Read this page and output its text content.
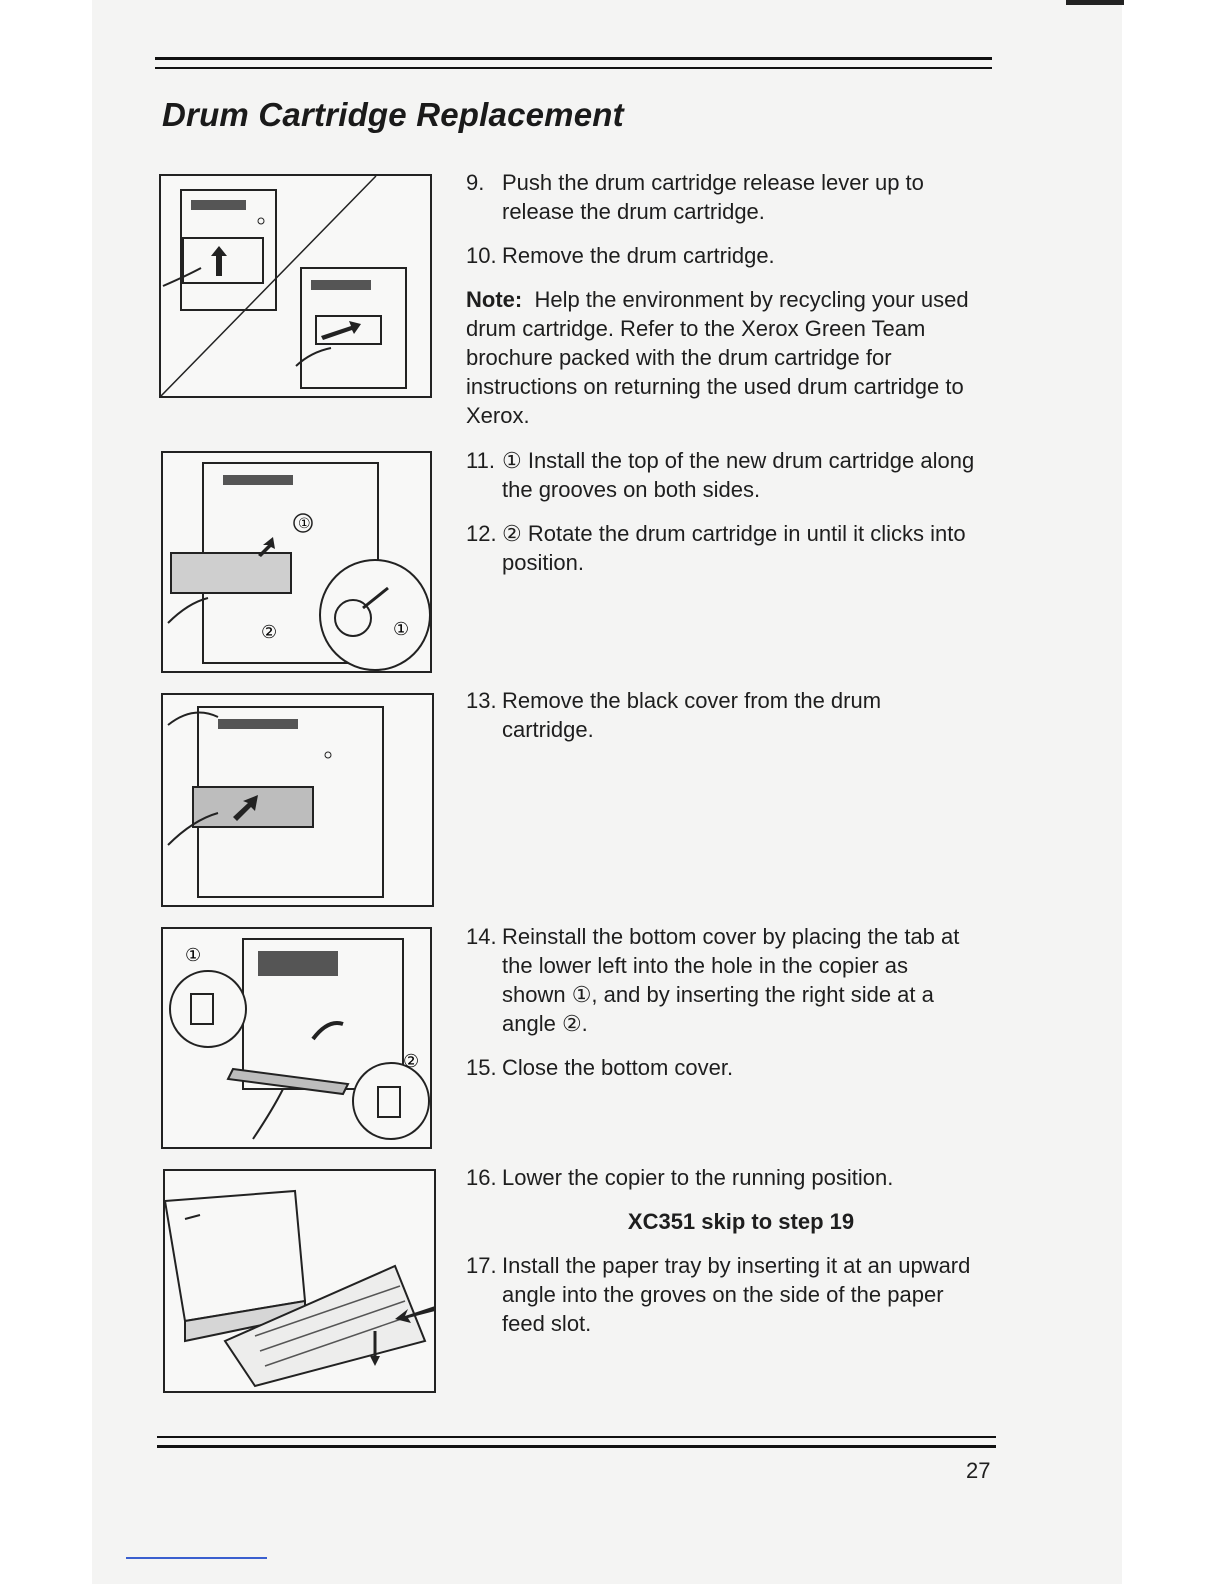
Drum Cartridge Replacement

9. Push the drum cartridge release lever up to release the drum cartridge.

10. Remove the drum cartridge.

Note: Help the environment by recycling your used drum cartridge. Refer to the Xerox Green Team brochure packed with the drum cartridge for instructions on returning the used drum cartridge to Xerox.

①
②	①

11. ① Install the top of the new drum cartridge along the grooves on both sides.

12. ② Rotate the drum cartridge in until it clicks into position.

13. Remove the black cover from the drum cartridge.

①
②

14. Reinstall the bottom cover by placing the tab at the lower left into the hole in the copier as shown ①, and by inserting the right side at a angle ②.

15. Close the bottom cover.

16. Lower the copier to the running position.

XC351 skip to step 19

17. Install the paper tray by inserting it at an upward angle into the groves on the side of the paper feed slot.

27
